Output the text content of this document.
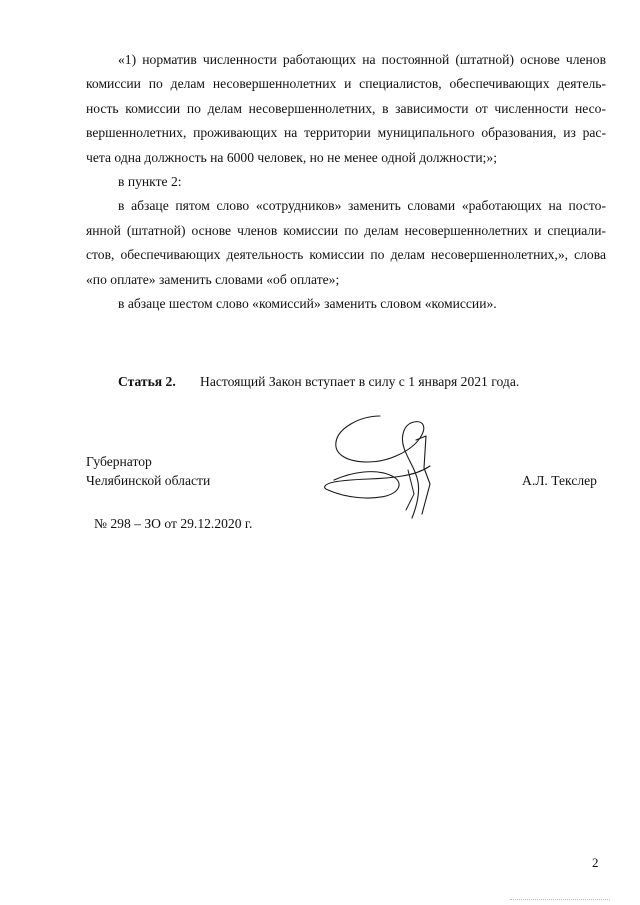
«1) норматив численности работающих на постоянной (штатной) основе членов комиссии по делам несовершеннолетних и специалистов, обеспечивающих деятель- ность комиссии по делам несовершеннолетних, в зависимости от численности несо- вершеннолетних, проживающих на территории муниципального образования, из рас- чета одна должность на 6000 человек, но не менее одной должности;»;

в пункте 2:

в абзаце пятом слово «сотрудников» заменить словами «работающих на посто- янной (штатной) основе членов комиссии по делам несовершеннолетних и специали- стов, обеспечивающих деятельность комиссии по делам несовершеннолетних,», слова «по оплате» заменить словами «об оплате»;

в абзаце шестом слово «комиссий» заменить словом «комиссии».

Статья 2. Настоящий Закон вступает в силу с 1 января 2021 года.
Губернатор
Челябинской области	А.Л. Текслер
№ 298 – ЗО от 29.12.2020 г.
2
